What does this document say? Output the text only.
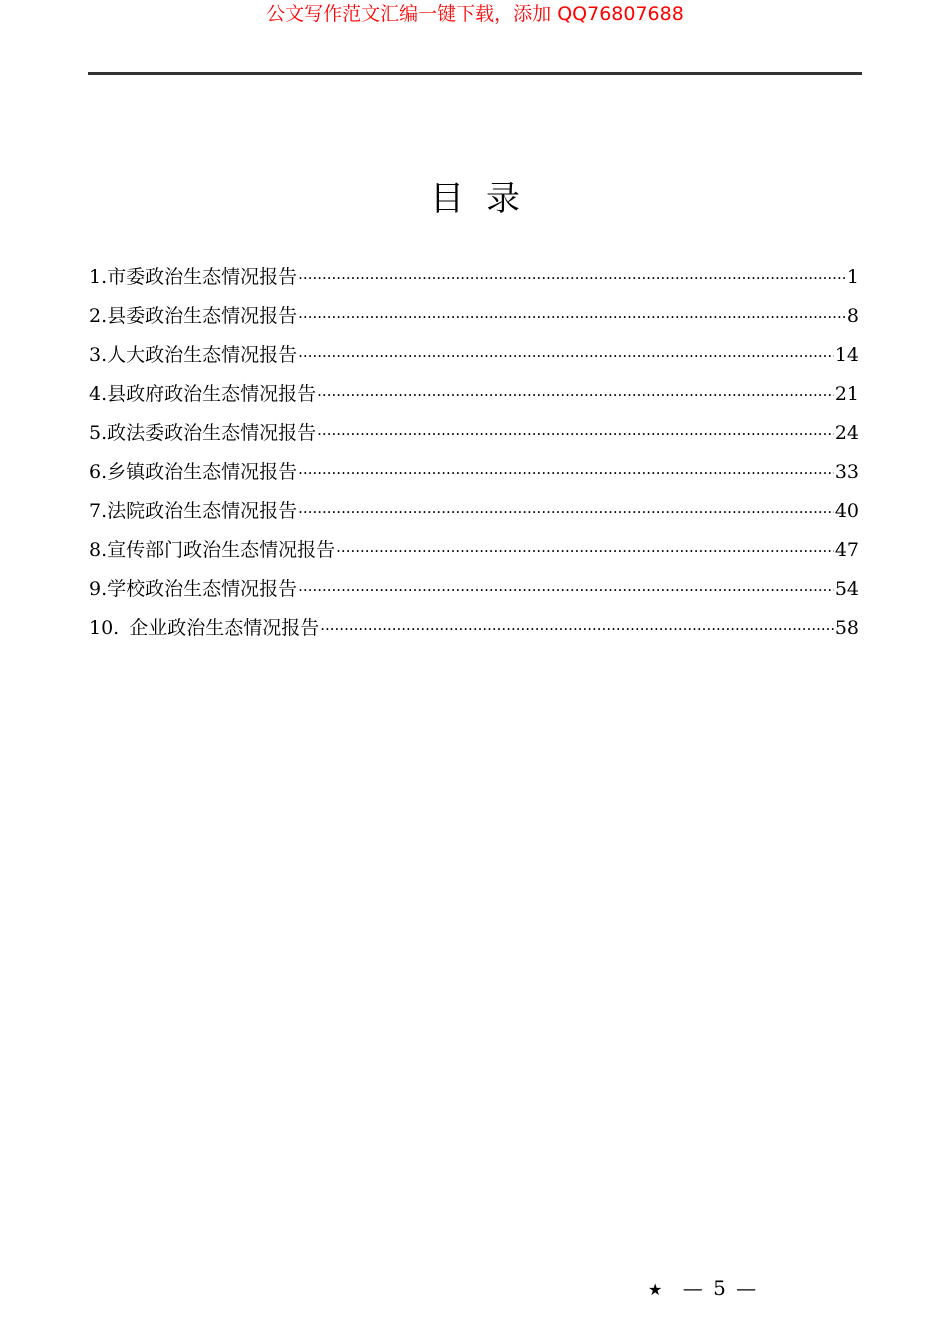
公文写作范文汇编一键下载，添加 QQ76807688
目录
1. 市委政治生态情况报告 ·····	1
2. 县委政治生态情况报告 ·····	8
3. 人大政治生态情况报告 ·····	14
4. 县政府政治生态情况报告 ·····	21
5. 政法委政治生态情况报告 ·····	24
6. 乡镇政治生态情况报告 ·····	33
7. 法院政治生态情况报告 ·····	40
8. 宣传部门政治生态情况报告 ·····	47
9. 学校政治生态情况报告 ·····	54
10. 企业政治生态情况报告 ·····	58
★ — 5 —
